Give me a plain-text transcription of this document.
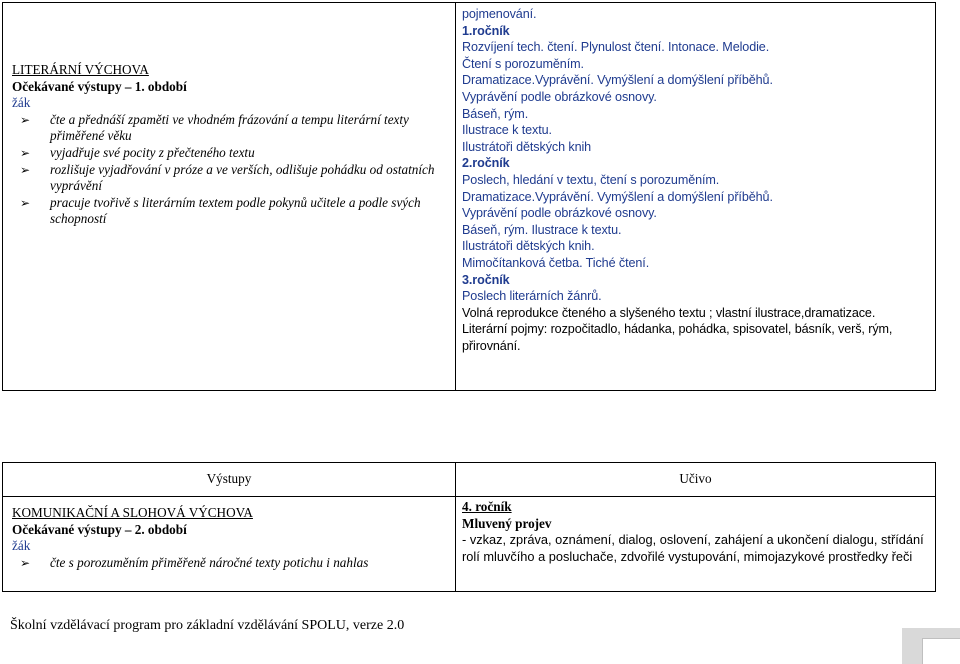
LITERÁRNÍ VÝCHOVA
Očekávané výstupy – 1. období
žák
➢ čte a přednáší zpaměti ve vhodném frázování a tempu literární texty přiměřené věku
➢ vyjadřuje své pocity z přečteného textu
➢ rozlišuje vyjadřování v próze a ve verších, odlišuje pohádku od ostatních vyprávění
➢ pracuje tvořivě s literárním textem podle pokynů učitele a podle svých schopností
pojmenování.
1.ročník
Rozvíjení tech. čtení. Plynulost čtení. Intonace. Melodie.
Čtení s porozuměním.
Dramatizace.Vyprávění. Vymýšlení a domýšlení příběhů.
Vyprávění podle obrázkové osnovy.
Báseň, rým.
Ilustrace k textu.
Ilustrátoři dětských knih
2.ročník
Poslech, hledání v textu, čtení s porozuměním.
Dramatizace.Vyprávění. Vymýšlení a domýšlení příběhů.
Vyprávění podle obrázkové osnovy.
Báseň, rým. Ilustrace k textu.
Ilustrátoři dětských knih.
Mimočítanková četba. Tiché čtení.
3.ročník
Poslech literárních žánrů.
Volná reprodukce čteného a slyšeného textu ; vlastní ilustrace,dramatizace.
Literární pojmy: rozpočitadlo, hádanka, pohádka, spisovatel, básník, verš, rým, přirovnání.
Výstupy	Učivo
KOMUNIKAČNÍ A SLOHOVÁ VÝCHOVA
Očekávané výstupy – 2. období
žák
➢ čte s porozuměním přiměřeně náročné texty potichu i nahlas
4. ročník
Mluvený projev
- vzkaz, zpráva, oznámení, dialog, oslovení, zahájení a ukončení dialogu, střídání rolí mluvčího a posluchače, zdvořilé vystupování, mimojazykové prostředky řeči
Školní vzdělávací program pro základní vzdělávání SPOLU, verze 2.0
